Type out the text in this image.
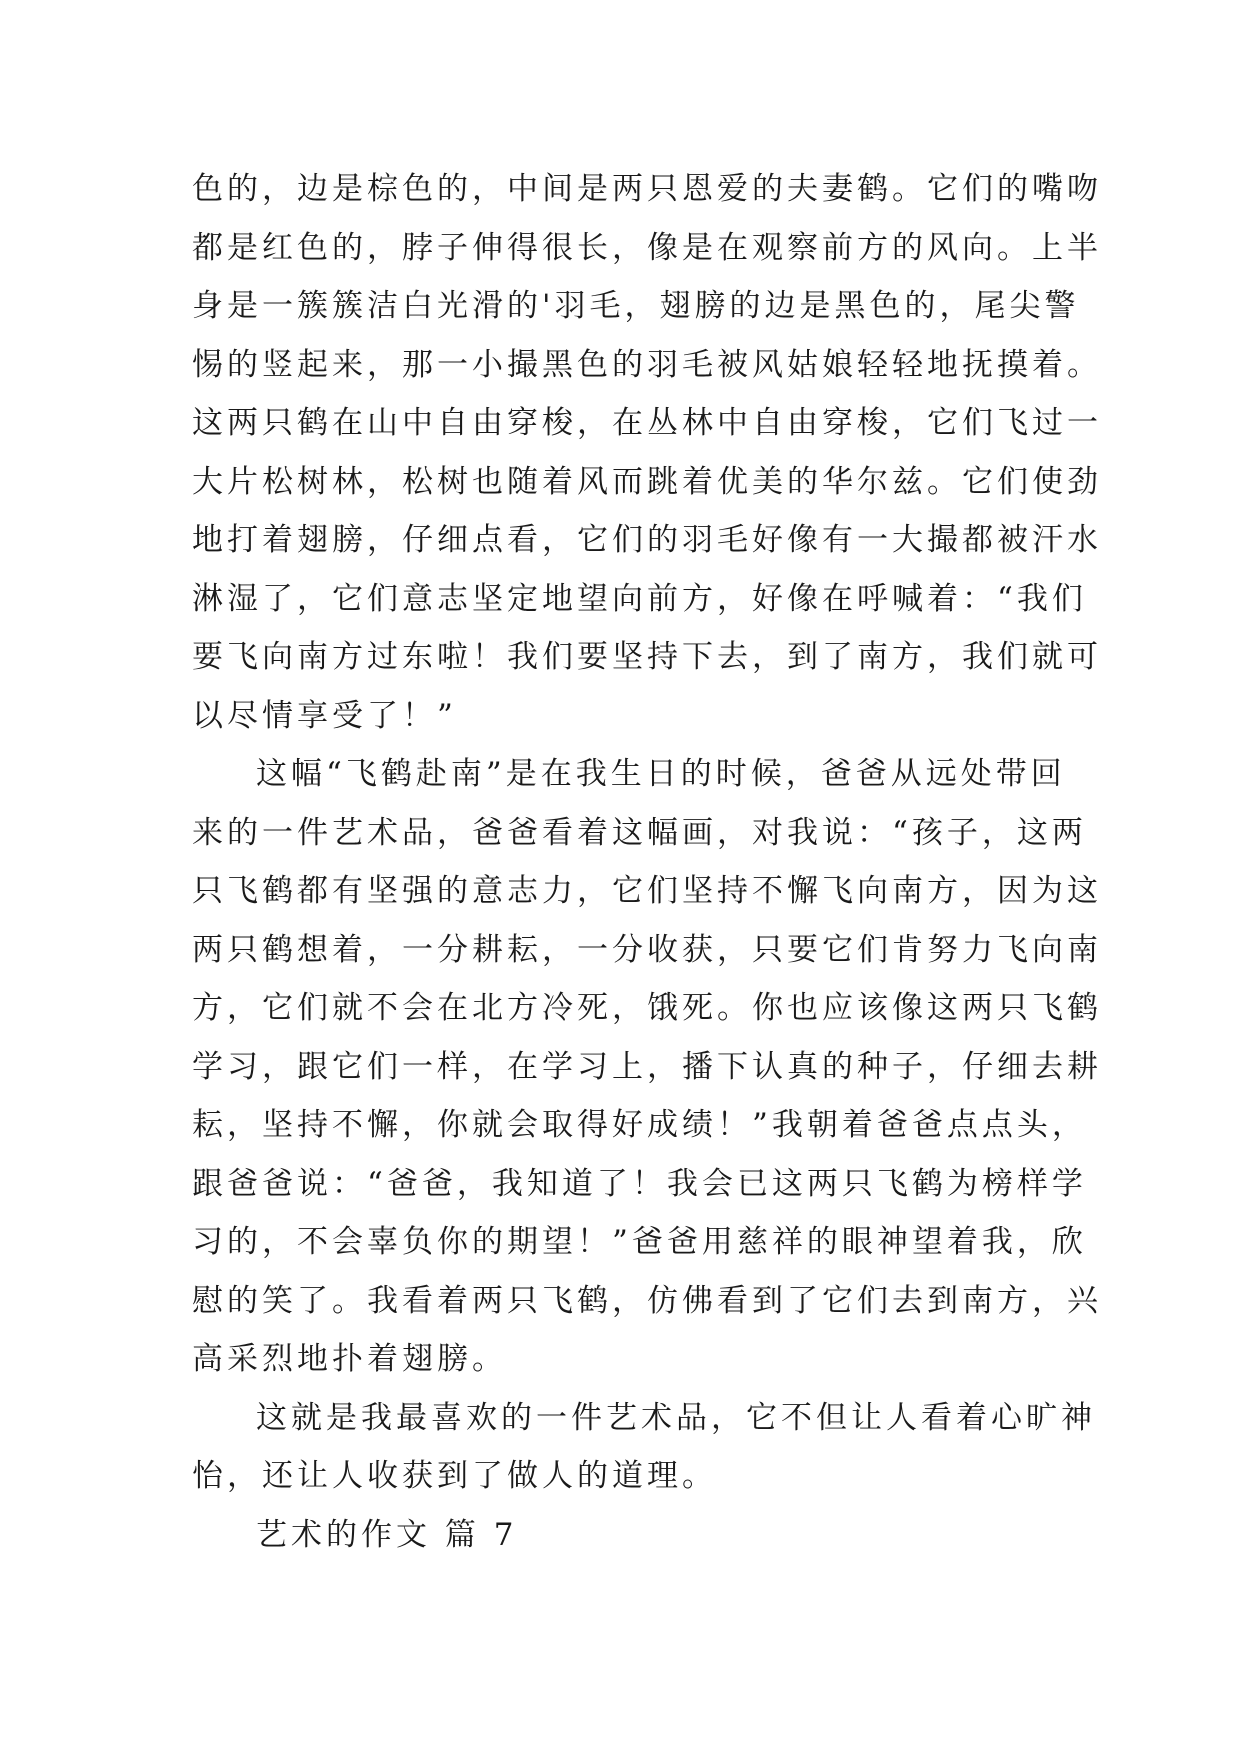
色的，边是棕色的，中间是两只恩爱的夫妻鹤。它们的嘴吻
都是红色的，脖子伸得很长，像是在观察前方的风向。上半
身是一簇簇洁白光滑的'羽毛，翅膀的边是黑色的，尾尖警
惕的竖起来，那一小撮黑色的羽毛被风姑娘轻轻地抚摸着。
这两只鹤在山中自由穿梭，在丛林中自由穿梭，它们飞过一
大片松树林，松树也随着风而跳着优美的华尔兹。它们使劲
地打着翅膀，仔细点看，它们的羽毛好像有一大撮都被汗水
淋湿了，它们意志坚定地望向前方，好像在呼喊着：“我们
要飞向南方过东啦！我们要坚持下去，到了南方，我们就可
以尽情享受了！”
这幅“飞鹤赴南”是在我生日的时候，爸爸从远处带回
来的一件艺术品，爸爸看着这幅画，对我说：“孩子，这两
只飞鹤都有坚强的意志力，它们坚持不懈飞向南方，因为这
两只鹤想着，一分耕耘，一分收获，只要它们肯努力飞向南
方，它们就不会在北方冷死，饿死。你也应该像这两只飞鹤
学习，跟它们一样，在学习上，播下认真的种子，仔细去耕
耘，坚持不懈，你就会取得好成绩！”我朝着爸爸点点头，
跟爸爸说：“爸爸，我知道了！我会已这两只飞鹤为榜样学
习的，不会辜负你的期望！”爸爸用慈祥的眼神望着我，欣
慰的笑了。我看着两只飞鹤，仿佛看到了它们去到南方，兴
高采烈地扑着翅膀。
这就是我最喜欢的一件艺术品，它不但让人看着心旷神
怡，还让人收获到了做人的道理。
艺术的作文 篇 7
